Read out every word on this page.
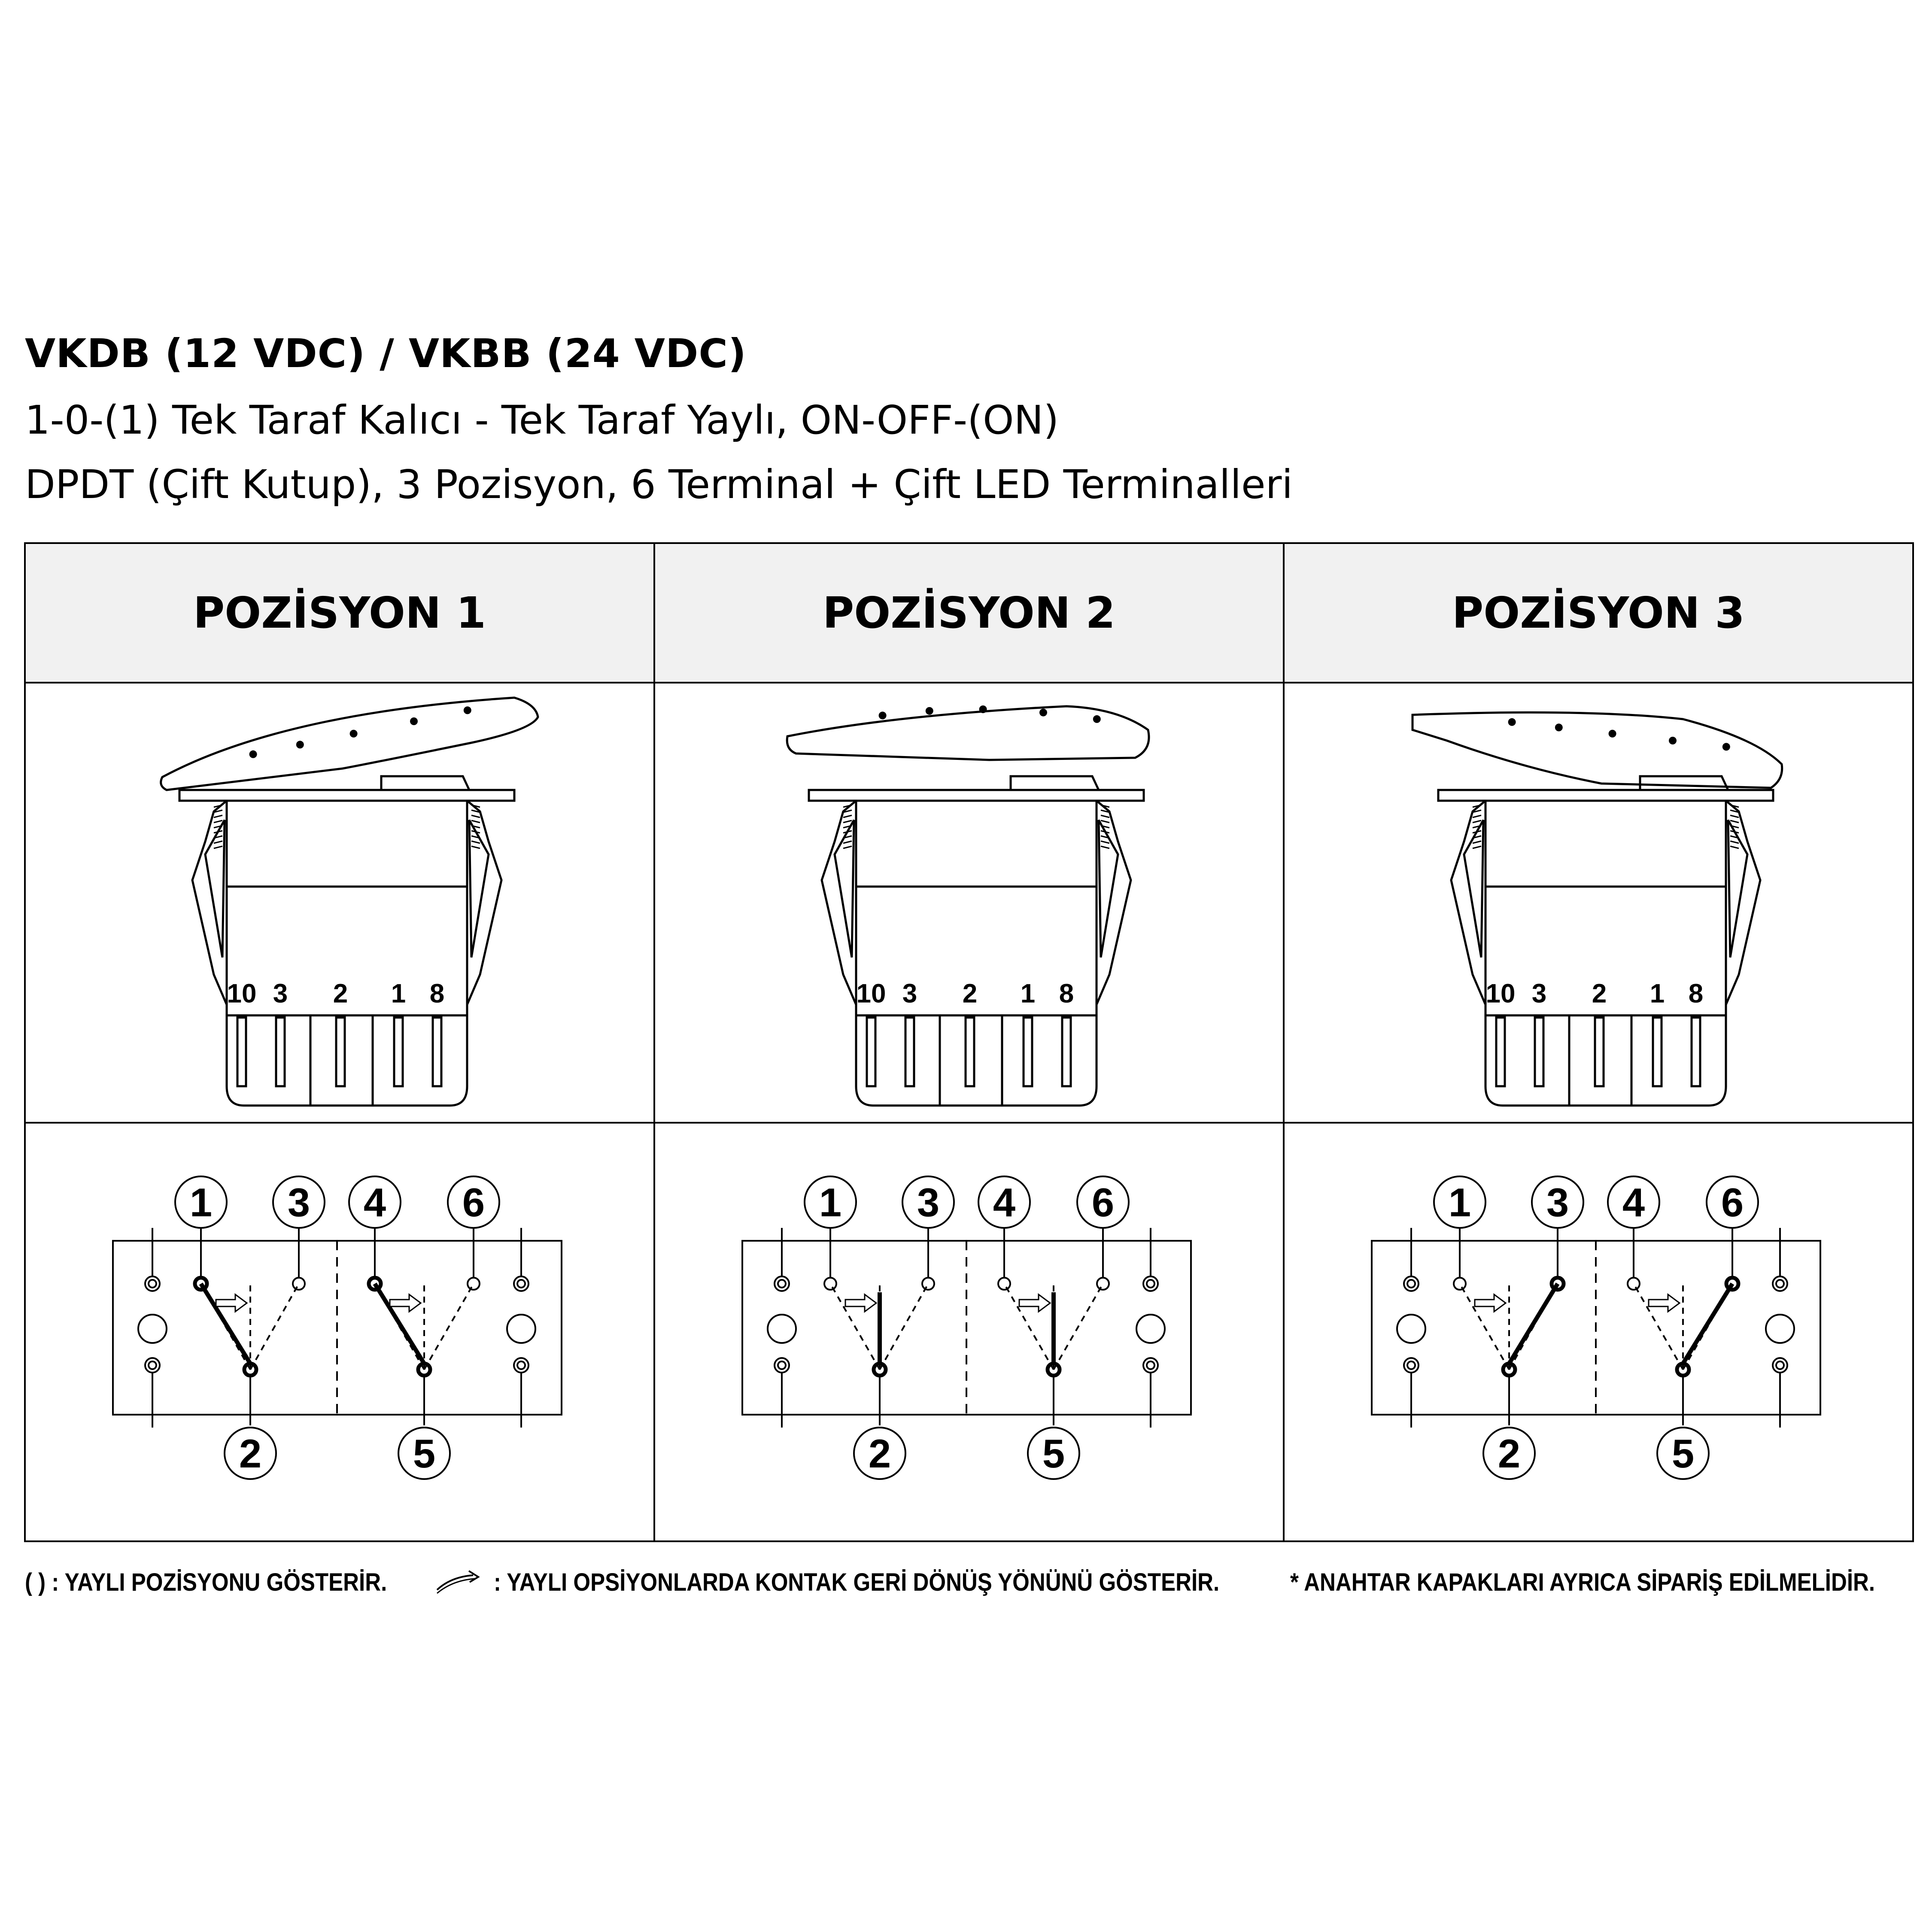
VKDB (12 VDC) / VKBB (24 VDC)
1-0-(1) Tek Taraf Kalıcı - Tek Taraf Yaylı, ON-OFF-(ON)
DPDT (Çift Kutup), 3 Pozisyon, 6 Terminal + Çift LED Terminalleri
10 3 2 1 8
1 3
2
4 6
5
10 3 2 1 8
1 3
2
4 6
5
10 3 2 1 8
1 3
2
4 6
5
POZİSYON 1	POZİSYON 2	POZİSYON 3
( ) : YAYLI POZİSYONU GÖSTERİR.	: YAYLI OPSİYONLARDA KONTAK GERİ DÖNÜŞ YÖNÜNÜ GÖSTERİR.	* ANAHTAR KAPAKLARI AYRICA SİPARİŞ EDİLMELİDİR.
